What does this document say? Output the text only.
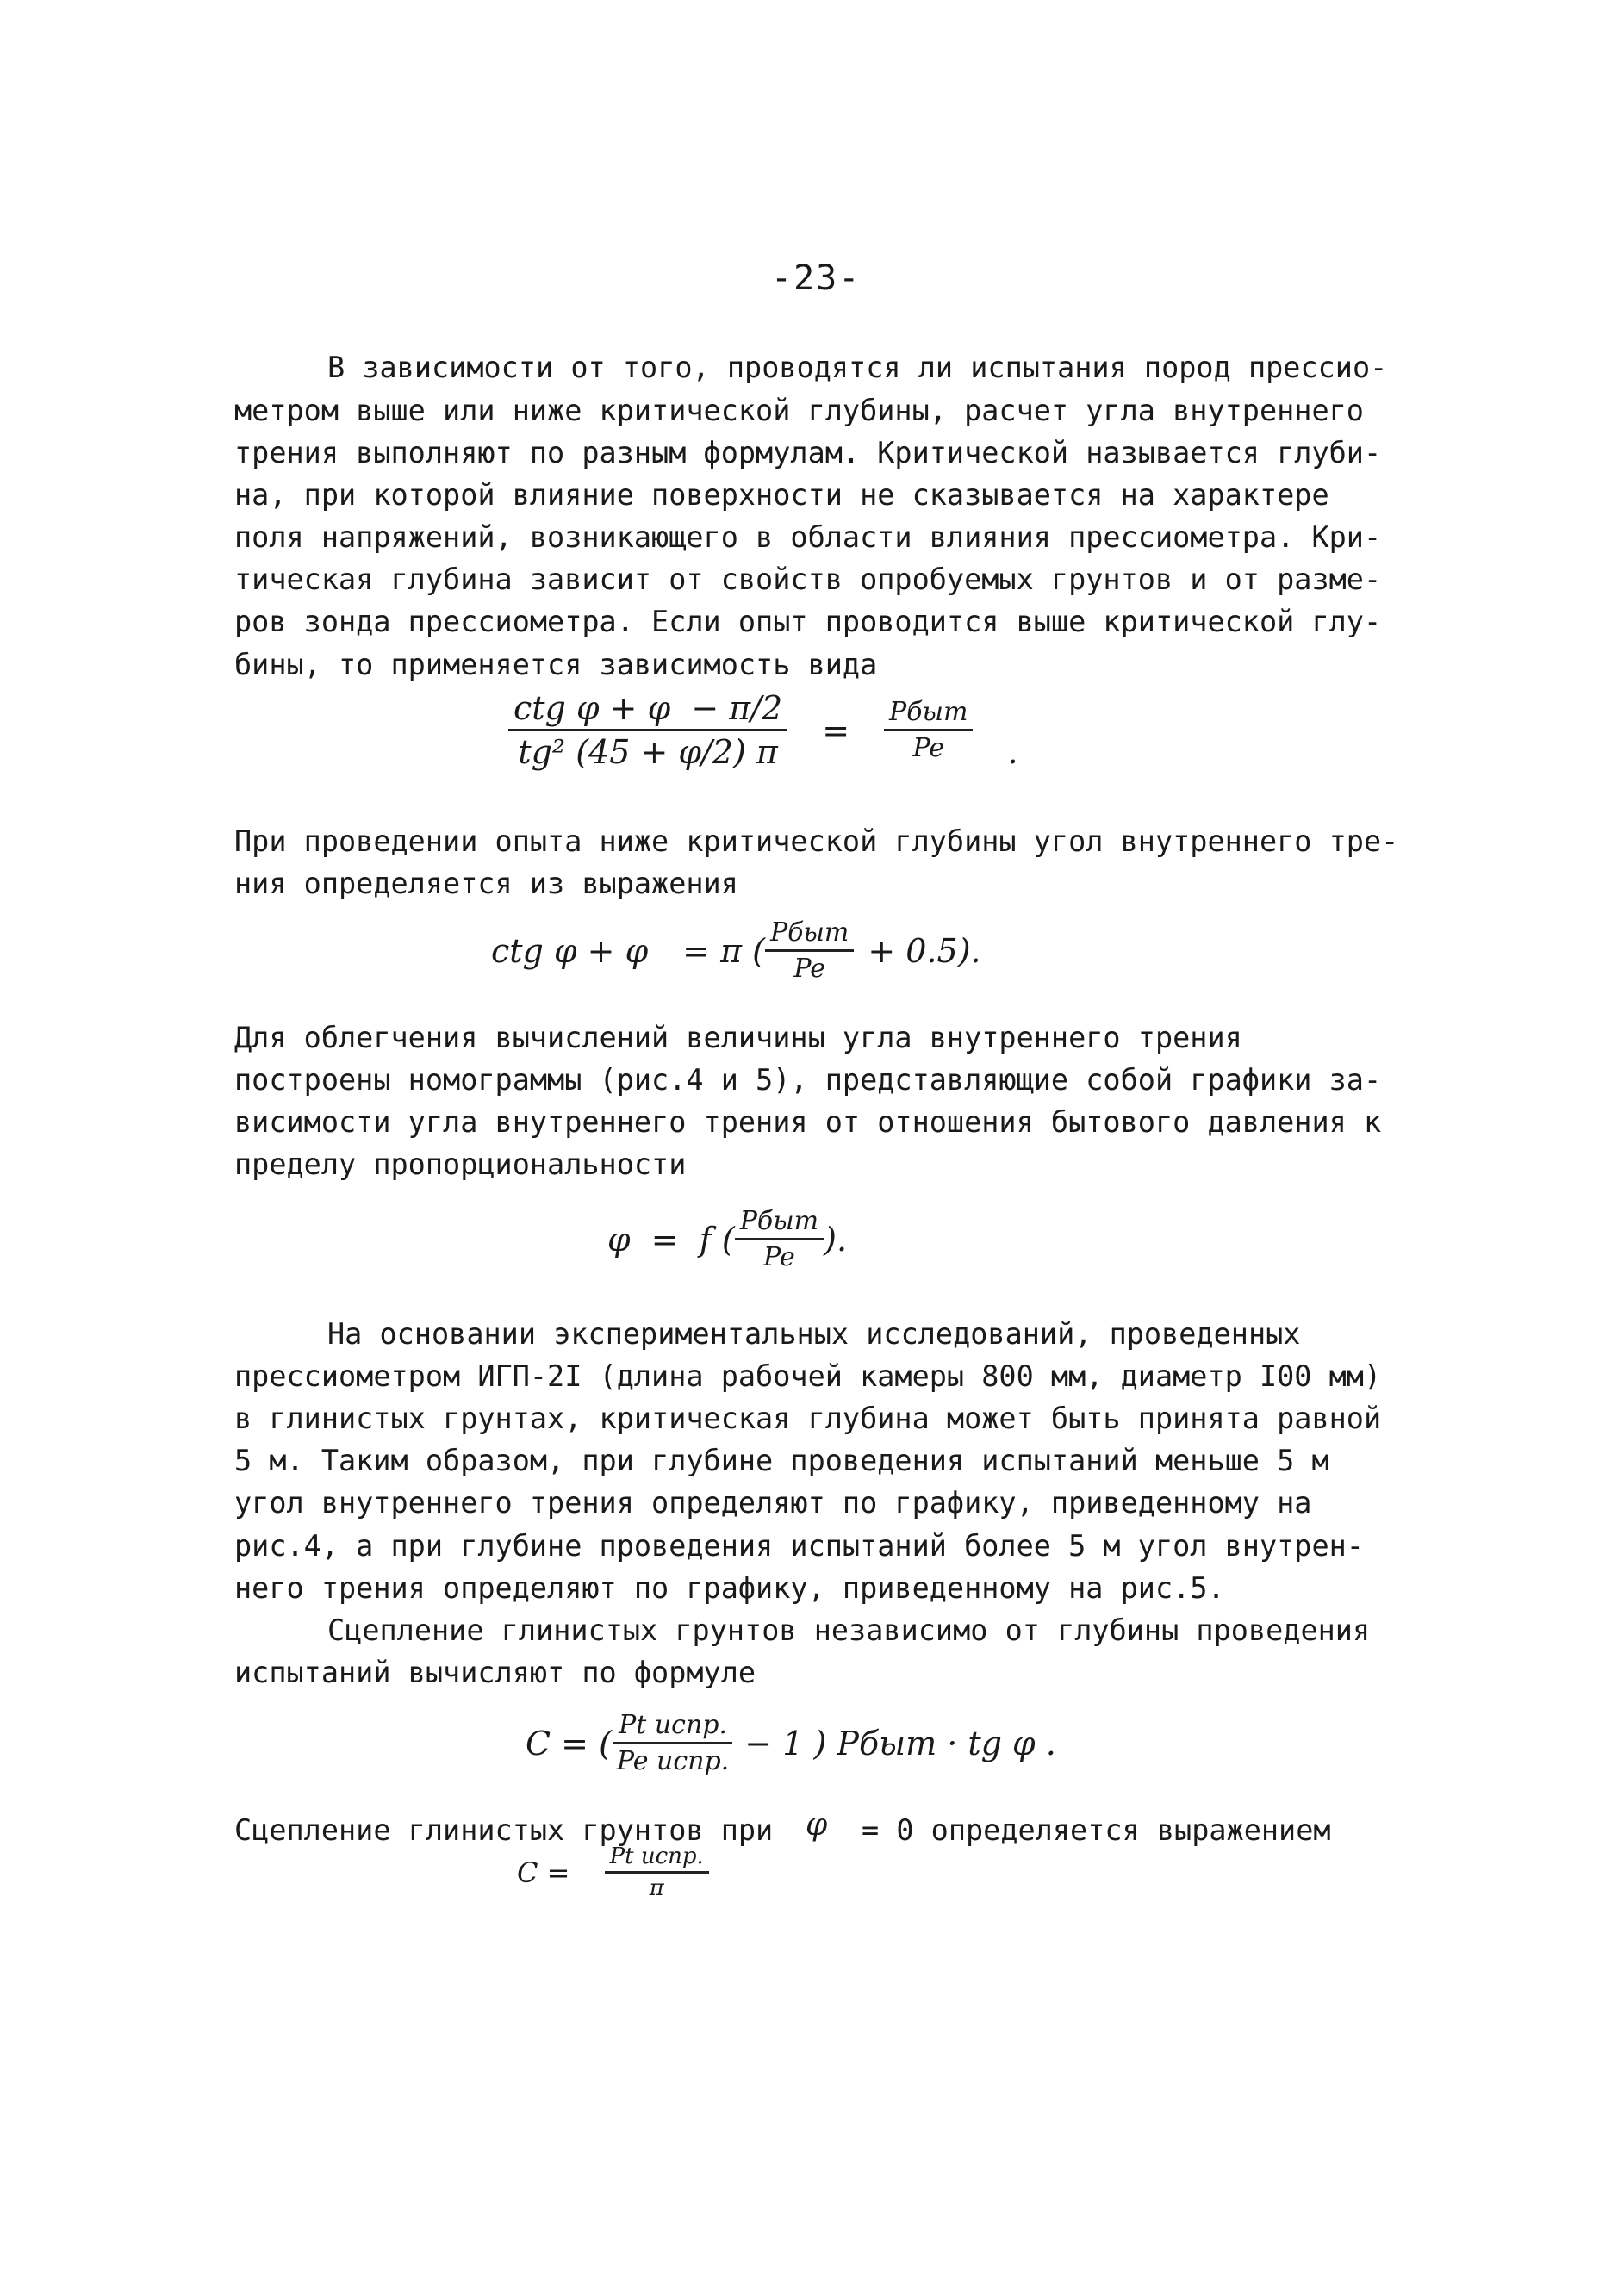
-23-
В зависимости от того, проводятся ли испытания пород прессио-
метром выше или ниже критической глубины, расчет угла внутреннего
трения выполняют по разным формулам. Критической называется глуби-
на, при которой влияние поверхности не сказывается на характере
поля напряжений, возникающего в области влияния прессиометра. Кри-
тическая глубина зависит от свойств опробуемых грунтов и от разме-
ров зонда прессиометра. Если опыт проводится выше критической глу-
бины, то применяется зависимость вида
$\frac{\text{ctg φ + φ  − π/2}}{\text{tg² (45 + φ/2) π}} = \frac{\text{Pбыт}}{Pe}$ .
При проведении опыта ниже критической глубины угол внутреннего тре-
ния определяется из выражения
ctg φ + φ = π ( $\frac{\text{Pбыт}}{Pe} + 0.5$).
Для облегчения вычислений величины угла внутреннего трения
построены номограммы (рис.4 и 5), представляющие собой графики за-
висимости угла внутреннего трения от отношения бытового давления к
пределу пропорциональности
φ  =  f ( $\frac{\text{Pбыт}}{Pe}$ ).
На основании экспериментальных исследований, проведенных
прессиометром ИГП-2I (длина рабочей камеры 800 мм, диаметр I00 мм)
в глинистых грунтах, критическая глубина может быть принята равной
5 м. Таким образом, при глубине проведения испытаний меньше 5 м
угол внутреннего трения определяют по графику, приведенному на
рис.4, а при глубине проведения испытаний более 5 м угол внутрен-
него трения определяют по графику, приведенному на рис.5.
Сцепление глинистых грунтов независимо от глубины проведения
испытаний вычисляют по формуле
C = ( $\frac{\text{Pt испр.}}{\text{Pe испр.}} - 1$ ) Pбыт · tg φ .
Сцепление глинистых грунтов при φ = 0 определяется выражением
$C = \frac{\text{Pt испр.}}{\pi}$
